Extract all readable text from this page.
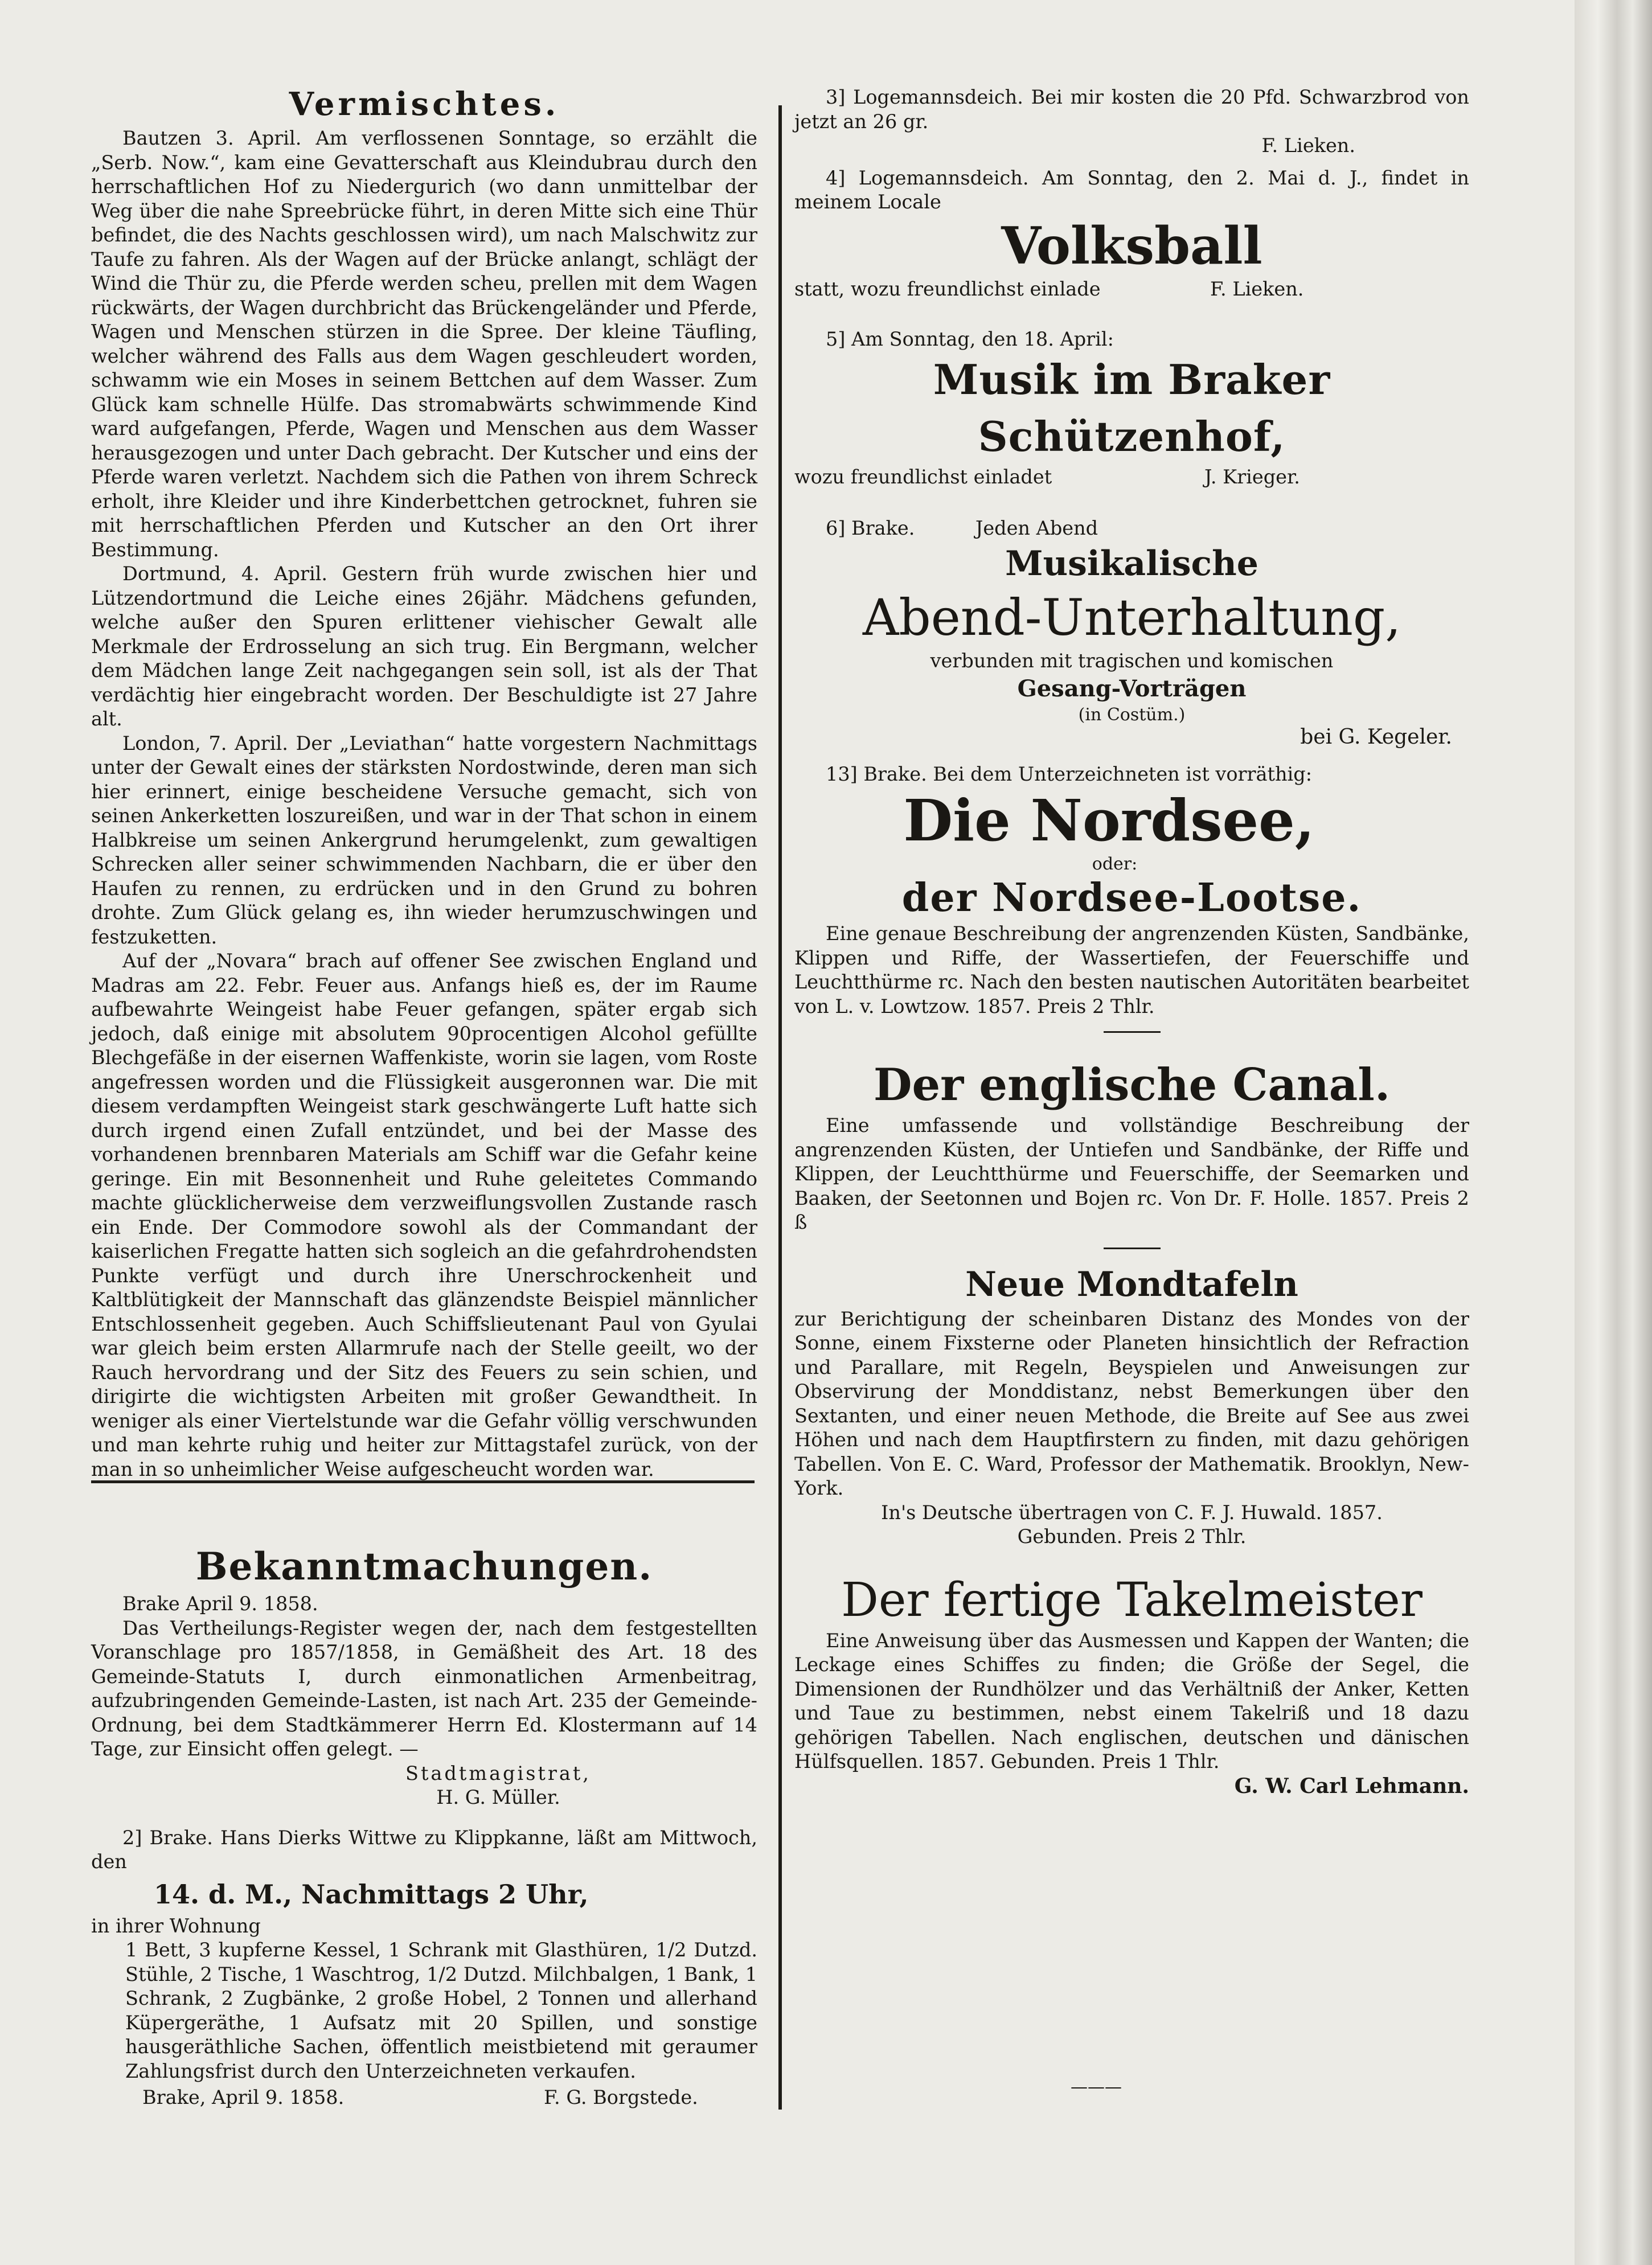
Vermischtes.

Bautzen 3. April. Am verflossenen Sonntage, so erzählt die „Serb. Now.“, kam eine Gevatterschaft aus Kleindubrau durch den herrschaftlichen Hof zu Niedergurich (wo dann unmittelbar der Weg über die nahe Spreebrücke führt, in deren Mitte sich eine Thür befindet, die des Nachts geschlossen wird), um nach Malschwitz zur Taufe zu fahren. Als der Wagen auf der Brücke anlangt, schlägt der Wind die Thür zu, die Pferde werden scheu, prellen mit dem Wagen rückwärts, der Wagen durchbricht das Brückengeländer und Pferde, Wagen und Menschen stürzen in die Spree. Der kleine Täufling, welcher während des Falls aus dem Wagen geschleudert worden, schwamm wie ein Moses in seinem Bettchen auf dem Wasser. Zum Glück kam schnelle Hülfe. Das stromabwärts schwimmende Kind ward aufgefangen, Pferde, Wagen und Menschen aus dem Wasser herausgezogen und unter Dach gebracht. Der Kutscher und eins der Pferde waren verletzt. Nachdem sich die Pathen von ihrem Schreck erholt, ihre Kleider und ihre Kinderbettchen getrocknet, fuhren sie mit herrschaftlichen Pferden und Kutscher an den Ort ihrer Bestimmung.

Dortmund, 4. April. Gestern früh wurde zwischen hier und Lützendortmund die Leiche eines 26jähr. Mädchens gefunden, welche außer den Spuren erlittener viehischer Gewalt alle Merkmale der Erdrosselung an sich trug. Ein Bergmann, welcher dem Mädchen lange Zeit nachgegangen sein soll, ist als der That verdächtig hier eingebracht worden. Der Beschuldigte ist 27 Jahre alt.

London, 7. April. Der „Leviathan“ hatte vorgestern Nachmittags unter der Gewalt eines der stärksten Nordostwinde, deren man sich hier erinnert, einige bescheidene Versuche gemacht, sich von seinen Ankerketten loszureißen, und war in der That schon in einem Halbkreise um seinen Ankergrund herumgelenkt, zum gewaltigen Schrecken aller seiner schwimmenden Nachbarn, die er über den Haufen zu rennen, zu erdrücken und in den Grund zu bohren drohte. Zum Glück gelang es, ihn wieder herumzuschwingen und festzuketten.

Auf der „Novara“ brach auf offener See zwischen England und Madras am 22. Febr. Feuer aus. Anfangs hieß es, der im Raume aufbewahrte Weingeist habe Feuer gefangen, später ergab sich jedoch, daß einige mit absolutem 90procentigen Alcohol gefüllte Blechgefäße in der eisernen Waffenkiste, worin sie lagen, vom Roste angefressen worden und die Flüssigkeit ausgeronnen war. Die mit diesem verdampften Weingeist stark geschwängerte Luft hatte sich durch irgend einen Zufall entzündet, und bei der Masse des vorhandenen brennbaren Materials am Schiff war die Gefahr keine geringe. Ein mit Besonnenheit und Ruhe geleitetes Commando machte glücklicherweise dem verzweiflungsvollen Zustande rasch ein Ende. Der Commodore sowohl als der Commandant der kaiserlichen Fregatte hatten sich sogleich an die gefahrdrohendsten Punkte verfügt und durch ihre Unerschrockenheit und Kaltblütigkeit der Mannschaft das glänzendste Beispiel männlicher Entschlossenheit gegeben. Auch Schiffslieutenant Paul von Gyulai war gleich beim ersten Allarmrufe nach der Stelle geeilt, wo der Rauch hervordrang und der Sitz des Feuers zu sein schien, und dirigirte die wichtigsten Arbeiten mit großer Gewandtheit. In weniger als einer Viertelstunde war die Gefahr völlig verschwunden und man kehrte ruhig und heiter zur Mittagstafel zurück, von der man in so unheimlicher Weise aufgescheucht worden war.

Bekanntmachungen.

Brake April 9. 1858.

Das Vertheilungs-Register wegen der, nach dem festgestellten Voranschlage pro 1857/1858, in Gemäßheit des Art. 18 des Gemeinde-Statuts I, durch einmonatlichen Armenbeitrag, aufzubringenden Gemeinde-Lasten, ist nach Art. 235 der Gemeinde-Ordnung, bei dem Stadtkämmerer Herrn Ed. Klostermann auf 14 Tage, zur Einsicht offen gelegt. —

Stadtmagistrat,
H. G. Müller.

2] Brake. Hans Dierks Wittwe zu Klippkanne, läßt am Mittwoch, den

14. d. M., Nachmittags 2 Uhr,

in ihrer Wohnung

1 Bett, 3 kupferne Kessel, 1 Schrank mit Glasthüren, 1/2 Dutzd. Stühle, 2 Tische, 1 Waschtrog, 1/2 Dutzd. Milchbalgen, 1 Bank, 1 Schrank, 2 Zugbänke, 2 große Hobel, 2 Tonnen und allerhand Küpergeräthe, 1 Aufsatz mit 20 Spillen, und sonstige hausgeräthliche Sachen, öffentlich meistbietend mit geraumer Zahlungsfrist durch den Unterzeichneten verkaufen.
Brake, April 9. 1858.	F. G. Borgstede.

3] Logemannsdeich. Bei mir kosten die 20 Pfd. Schwarzbrod von jetzt an 26 gr.

F. Lieken.

4] Logemannsdeich. Am Sonntag, den 2. Mai d. J., findet in meinem Locale

Volksball
statt, wozu freundlichst einlade	F. Lieken.

5] Am Sonntag, den 18. April:

Musik im Braker Schützenhof,
wozu freundlichst einladet	J. Krieger.

6] Brake.          Jeden Abend

Musikalische
Abend-Unterhaltung,
verbunden mit tragischen und komischen
Gesang-Vorträgen
(in Costüm.)
bei G. Kegeler.

13] Brake. Bei dem Unterzeichneten ist vorräthig:

Die Nordsee,
oder:
der Nordsee-Lootse.

Eine genaue Beschreibung der angrenzenden Küsten, Sandbänke, Klippen und Riffe, der Wassertiefen, der Feuerschiffe und Leuchtthürme rc. Nach den besten nautischen Autoritäten bearbeitet von L. v. Lowtzow. 1857. Preis 2 Thlr.

Der englische Canal.

Eine umfassende und vollständige Beschreibung der angrenzenden Küsten, der Untiefen und Sandbänke, der Riffe und Klippen, der Leuchtthürme und Feuerschiffe, der Seemarken und Baaken, der Seetonnen und Bojen rc. Von Dr. F. Holle. 1857. Preis 2 ß

Neue Mondtafeln

zur Berichtigung der scheinbaren Distanz des Mondes von der Sonne, einem Fixsterne oder Planeten hinsichtlich der Refraction und Parallare, mit Regeln, Beyspielen und Anweisungen zur Observirung der Monddistanz, nebst Bemerkungen über den Sextanten, und einer neuen Methode, die Breite auf See aus zwei Höhen und nach dem Hauptfirstern zu finden, mit dazu gehörigen Tabellen. Von E. C. Ward, Professor der Mathematik. Brooklyn, New-York.

In's Deutsche übertragen von C. F. J. Huwald. 1857.
Gebunden. Preis 2 Thlr.
Der fertige Takelmeister

Eine Anweisung über das Ausmessen und Kappen der Wanten; die Leckage eines Schiffes zu finden; die Größe der Segel, die Dimensionen der Rundhölzer und das Verhältniß der Anker, Ketten und Taue zu bestimmen, nebst einem Takelriß und 18 dazu gehörigen Tabellen. Nach englischen, deutschen und dänischen Hülfsquellen. 1857. Gebunden. Preis 1 Thlr.

G. W. Carl Lehmann.
———
